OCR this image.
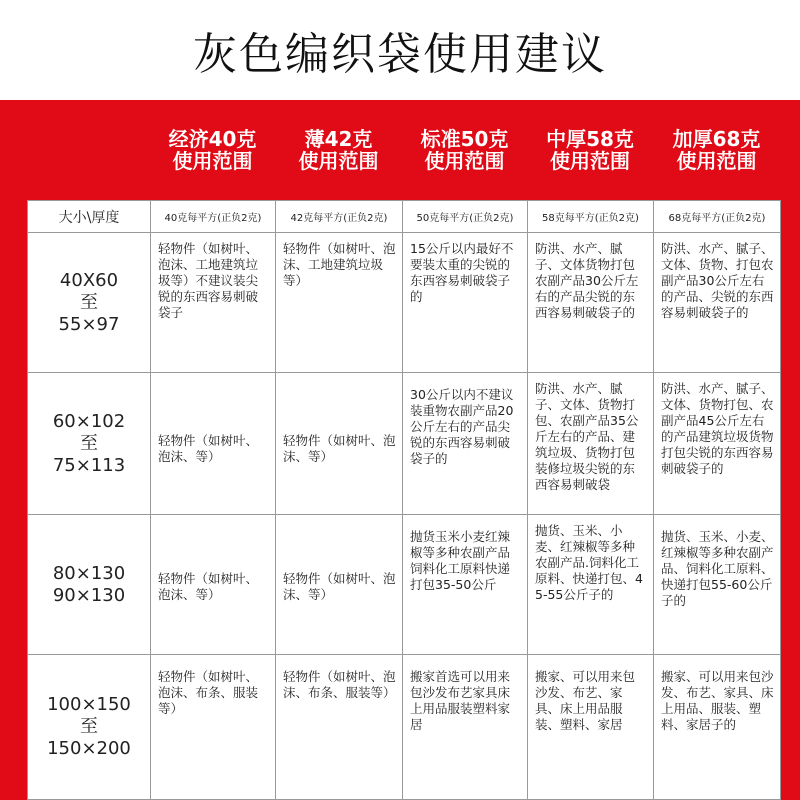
灰色编织袋使用建议
经济40克
使用范围
薄42克
使用范围
标准50克
使用范围
中厚58克
使用范围
加厚68克
使用范围
大小\厚度	40克每平方(正负2克)	42克每平方(正负2克)	50克每平方(正负2克)	58克每平方(正负2克)	68克每平方(正负2克)

40X60
至
55×97	轻物件（如树叶、泡沫、工地建筑垃圾等）不建议装尖锐的东西容易刺破袋子	轻物件（如树叶、泡沫、工地建筑垃圾等）	15公斤以内最好不要装太重的尖锐的东西容易刺破袋子的	防洪、水产、腻子、文体货物打包农副产品30公斤左右的产品尖锐的东西容易刺破袋子的	防洪、水产、腻子、文体、货物、打包农副产品30公斤左右的产品、尖锐的东西容易刺破袋子的

60×102
至
75×113	轻物件（如树叶、泡沫、等）	轻物件（如树叶、泡沫、等）	30公斤以内不建议装重物农副产品20公斤左右的产品尖锐的东西容易刺破袋子的	防洪、水产、腻子、文体、货物打包、农副产品35公斤左右的产品、建筑垃圾、货物打包装修垃圾尖锐的东西容易刺破袋	防洪、水产、腻子、文体、货物打包、农副产品45公斤左右的产品建筑垃圾货物打包尖锐的东西容易刺破袋子的

80×130
90×130	轻物件（如树叶、泡沫、等）	轻物件（如树叶、泡沫、等）	抛货玉米小麦红辣椒等多种农副产品饲料化工原料快递打包35-50公斤	抛货、玉米、小麦、红辣椒等多种农副产品.饲料化工原料、快递打包、45-55公斤子的	抛货、玉米、小麦、红辣椒等多种农副产品、饲料化工原料、快递打包55-60公斤子的

100×150
至
150×200	轻物件（如树叶、泡沫、布条、服装等）	轻物件（如树叶、泡沫、布条、服装等）	搬家首选可以用来包沙发布艺家具床上用品服装塑料家居	搬家、可以用来包沙发、布艺、家具、床上用品服装、塑料、家居	搬家、可以用来包沙发、布艺、家具、床上用品、服装、塑料、家居子的
